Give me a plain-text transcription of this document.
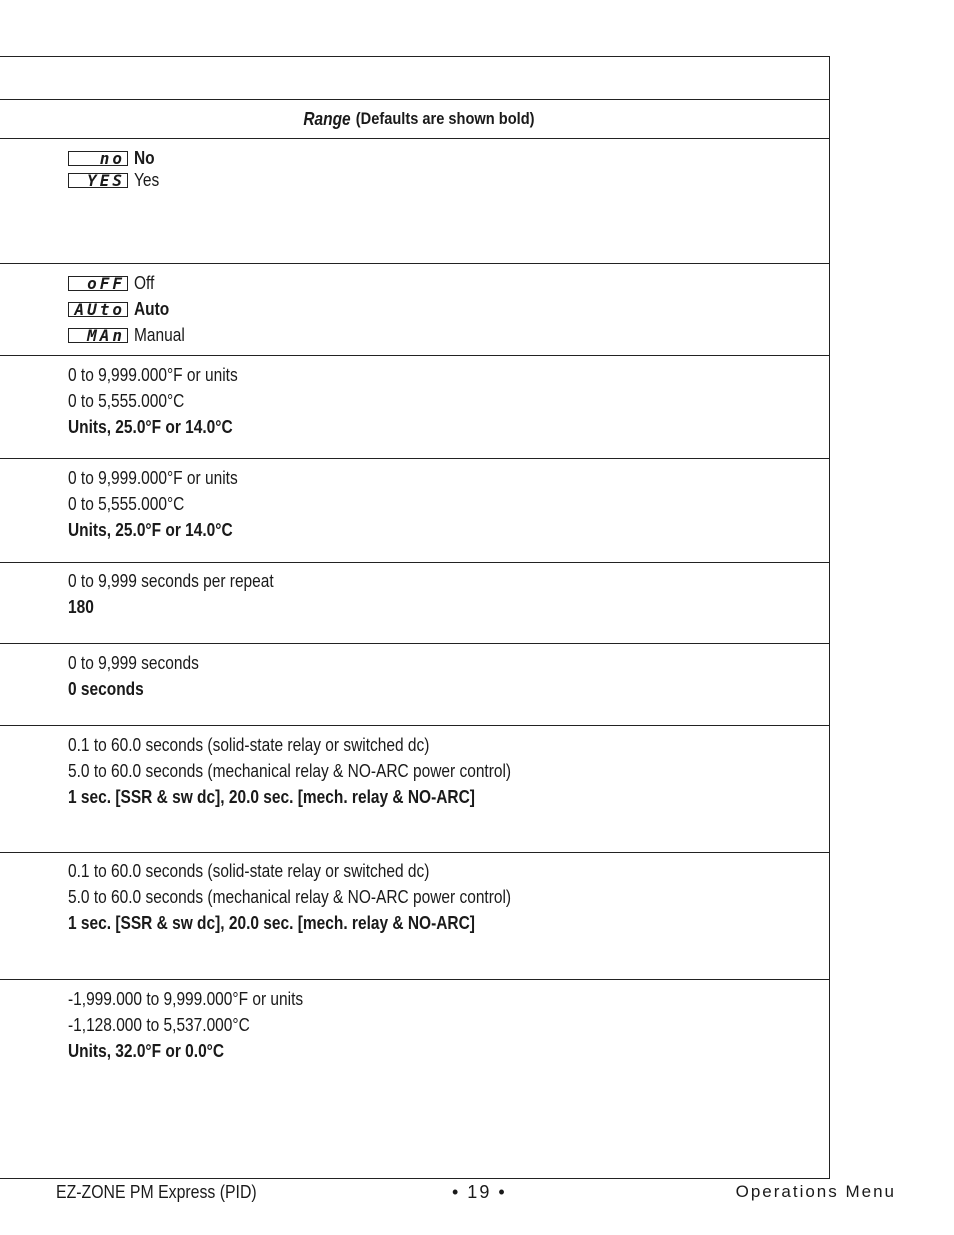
Range (Defaults are shown bold)
no No
YES Yes
oFF Off
AUto Auto
MAn Manual
0 to 9,999.000°F or units
0 to 5,555.000°C
Units, 25.0°F or 14.0°C
0 to 9,999.000°F or units
0 to 5,555.000°C
Units, 25.0°F or 14.0°C
0 to 9,999 seconds per repeat
180
0 to 9,999 seconds
0 seconds
0.1 to 60.0 seconds (solid-state relay or switched dc)
5.0 to 60.0 seconds (mechanical relay & NO-ARC power control)
1 sec. [SSR & sw dc], 20.0 sec. [mech. relay & NO-ARC]
0.1 to 60.0 seconds (solid-state relay or switched dc)
5.0 to 60.0 seconds (mechanical relay & NO-ARC power control)
1 sec. [SSR & sw dc], 20.0 sec. [mech. relay & NO-ARC]
-1,999.000 to 9,999.000°F or units
-1,128.000 to 5,537.000°C
Units, 32.0°F or 0.0°C
EZ-ZONE PM Express (PID)	• 19 •	Operations Menu
